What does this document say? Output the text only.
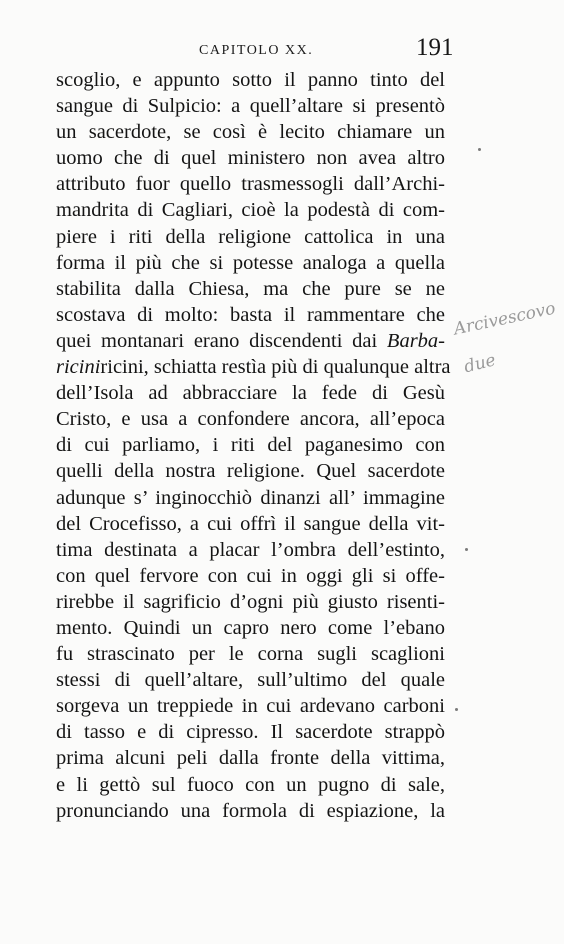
CAPITOLO XX.	191
scoglio, e appunto sotto il panno tinto del
sangue di Sulpicio: a quell’altare si presentò
un sacerdote, se così è lecito chiamare un
uomo che di quel ministero non avea altro
attributo fuor quello trasmessogli dall’Archi-
mandrita di Cagliari, cioè la podestà di com-
piere i riti della religione cattolica in una
forma il più che si potesse analoga a quella
stabilita dalla Chiesa, ma che pure se ne
scostava di molto: basta il rammentare che
quei montanari erano discendenti dai Barba-
riciniricini, schiatta restìa più di qualunque altra
dell’Isola ad abbracciare la fede di Gesù
Cristo, e usa a confondere ancora, all’epoca
di cui parliamo, i riti del paganesimo con
quelli della nostra religione. Quel sacerdote
adunque s’ inginocchiò dinanzi all’ immagine
del Crocefisso, a cui offrì il sangue della vit-
tima destinata a placar l’ombra dell’estinto,
con quel fervore con cui in oggi gli si offe-
rirebbe il sagrificio d’ogni più giusto risenti-
mento. Quindi un capro nero come l’ebano
fu strascinato per le corna sugli scaglioni
stessi di quell’altare, sull’ultimo del quale
sorgeva un treppiede in cui ardevano carboni
di tasso e di cipresso. Il sacerdote strappò
prima alcuni peli dalla fronte della vittima,
e li gettò sul fuoco con un pugno di sale,
pronunciando una formola di espiazione, la
Arcivescovo
due
